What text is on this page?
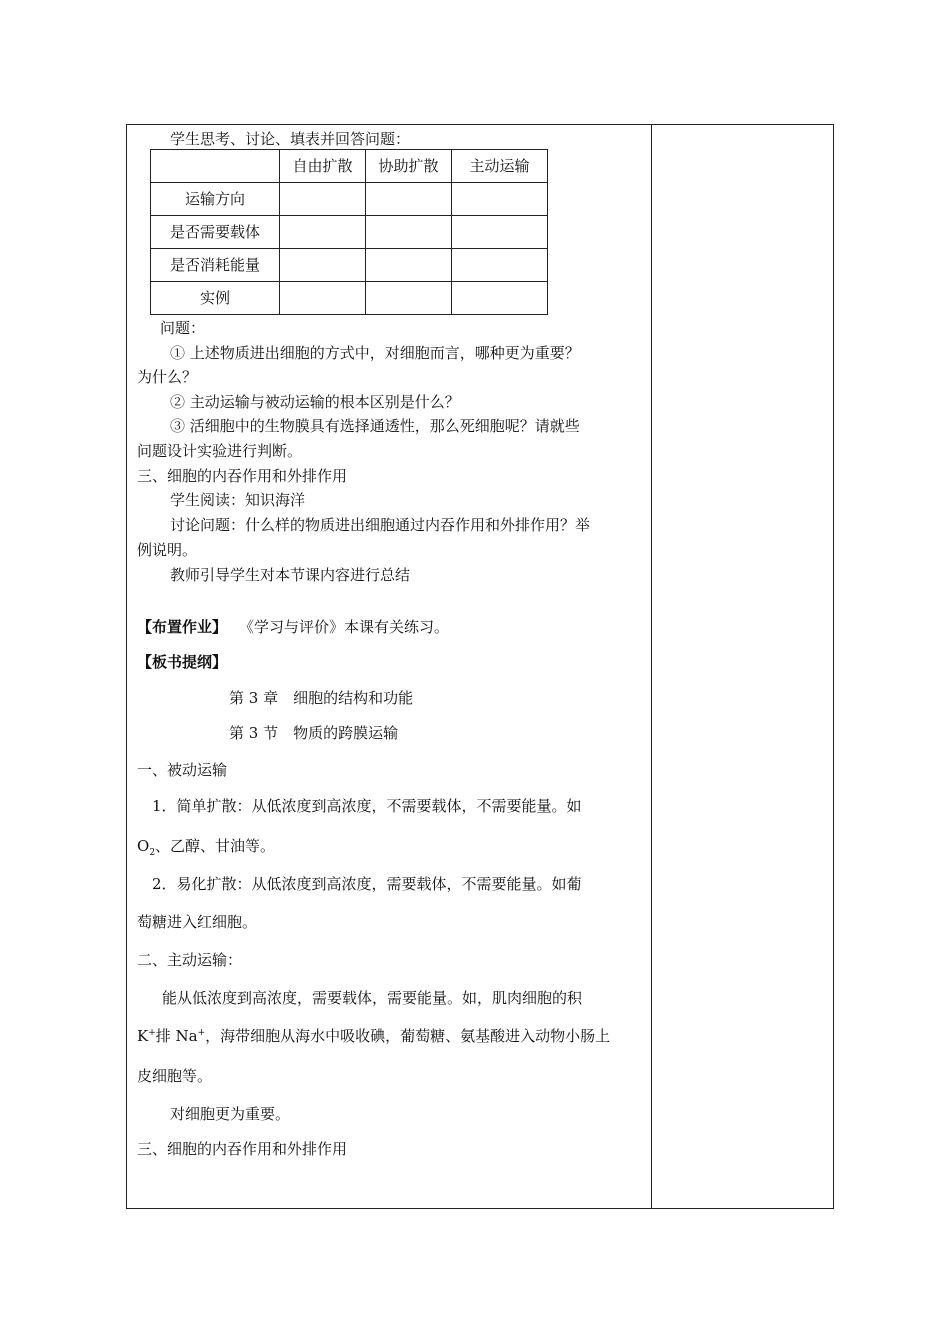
学生思考、讨论、填表并回答问题：
	自由扩散	协助扩散	主动运输
运输方向			
是否需要载体			
是否消耗能量			
实例			
问题：
① 上述物质进出细胞的方式中，对细胞而言，哪种更为重要？
为什么？
② 主动运输与被动运输的根本区别是什么？
③ 活细胞中的生物膜具有选择通透性，那么死细胞呢？请就些
问题设计实验进行判断。
三、细胞的内吞作用和外排作用
学生阅读：知识海洋
讨论问题：什么样的物质进出细胞通过内吞作用和外排作用？举
例说明。
教师引导学生对本节课内容进行总结
【布置作业】 《学习与评价》本课有关练习。
【板书提纲】
第 3 章　细胞的结构和功能
第 3 节　物质的跨膜运输
一、被动运输
1．简单扩散：从低浓度到高浓度，不需要载体，不需要能量。如
$O_2$、乙醇、甘油等。
2．易化扩散：从低浓度到高浓度，需要载体，不需要能量。如葡
萄糖进入红细胞。
二、主动运输：
能从低浓度到高浓度，需要载体，需要能量。如，肌肉细胞的积
K+排 Na+，海带细胞从海水中吸收碘，葡萄糖、氨基酸进入动物小肠上
皮细胞等。
对细胞更为重要。
三、细胞的内吞作用和外排作用
